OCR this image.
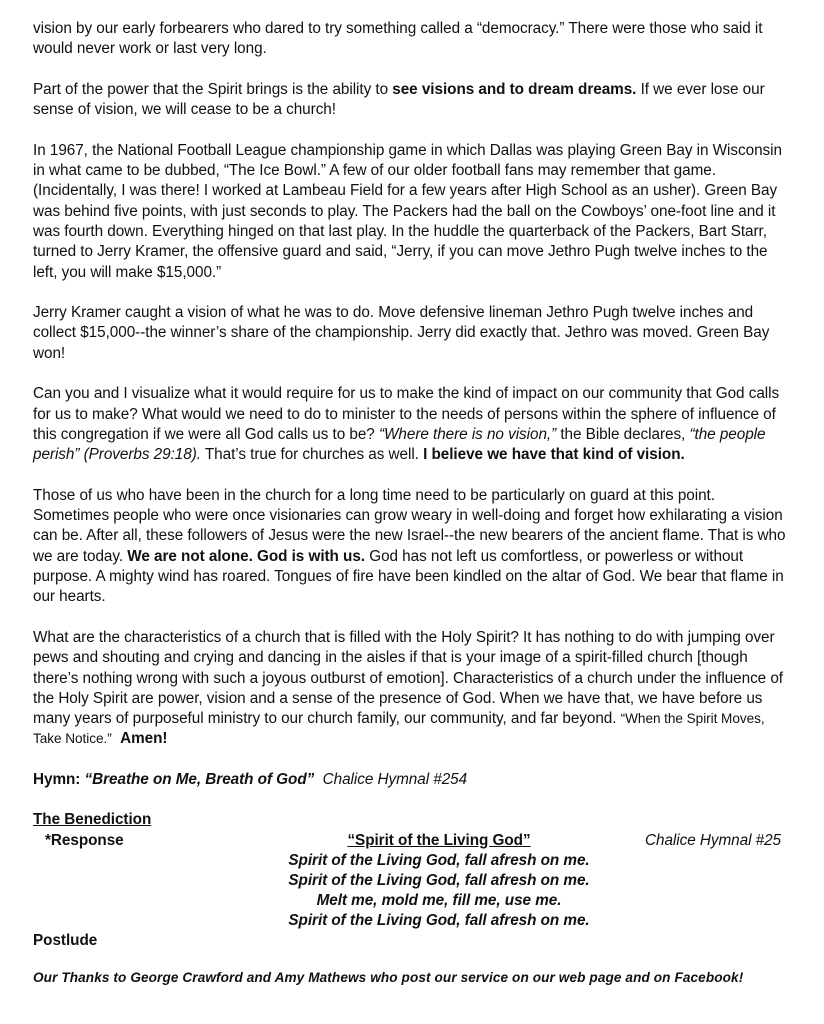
vision by our early forbearers who dared to try something called a “democracy.” There were those who said it would never work or last very long.

Part of the power that the Spirit brings is the ability to see visions and to dream dreams. If we ever lose our sense of vision, we will cease to be a church!

In 1967, the National Football League championship game in which Dallas was playing Green Bay in Wisconsin in what came to be dubbed, “The Ice Bowl.” A few of our older football fans may remember that game. (Incidentally, I was there! I worked at Lambeau Field for a few years after High School as an usher). Green Bay was behind five points, with just seconds to play. The Packers had the ball on the Cowboys’ one-foot line and it was fourth down. Everything hinged on that last play. In the huddle the quarterback of the Packers, Bart Starr, turned to Jerry Kramer, the offensive guard and said, “Jerry, if you can move Jethro Pugh twelve inches to the left, you will make $15,000.”

Jerry Kramer caught a vision of what he was to do. Move defensive lineman Jethro Pugh twelve inches and collect $15,000--the winner’s share of the championship. Jerry did exactly that. Jethro was moved. Green Bay won!

Can you and I visualize what it would require for us to make the kind of impact on our community that God calls for us to make? What would we need to do to minister to the needs of persons within the sphere of influence of this congregation if we were all God calls us to be? “Where there is no vision,” the Bible declares, “the people perish” (Proverbs 29:18). That’s true for churches as well. I believe we have that kind of vision.

Those of us who have been in the church for a long time need to be particularly on guard at this point. Sometimes people who were once visionaries can grow weary in well-doing and forget how exhilarating a vision can be. After all, these followers of Jesus were the new Israel--the new bearers of the ancient flame. That is who we are today. We are not alone. God is with us. God has not left us comfortless, or powerless or without purpose. A mighty wind has roared. Tongues of fire have been kindled on the altar of God. We bear that flame in our hearts.

What are the characteristics of a church that is filled with the Holy Spirit? It has nothing to do with jumping over pews and shouting and crying and dancing in the aisles if that is your image of a spirit-filled church [though there’s nothing wrong with such a joyous outburst of emotion]. Characteristics of a church under the influence of the Holy Spirit are power, vision and a sense of the presence of God. When we have that, we have before us many years of purposeful ministry to our church family, our community, and far beyond. “When the Spirit Moves, Take Notice.” Amen!

Hymn: “Breathe on Me, Breath of God” Chalice Hymnal #254
The Benediction
*Response	“Spirit of the Living God”	Chalice Hymnal #25
Spirit of the Living God, fall afresh on me.
Spirit of the Living God, fall afresh on me.
Melt me, mold me, fill me, use me.
Spirit of the Living God, fall afresh on me.
Postlude
Our Thanks to George Crawford and Amy Mathews who post our service on our web page and on Facebook!
